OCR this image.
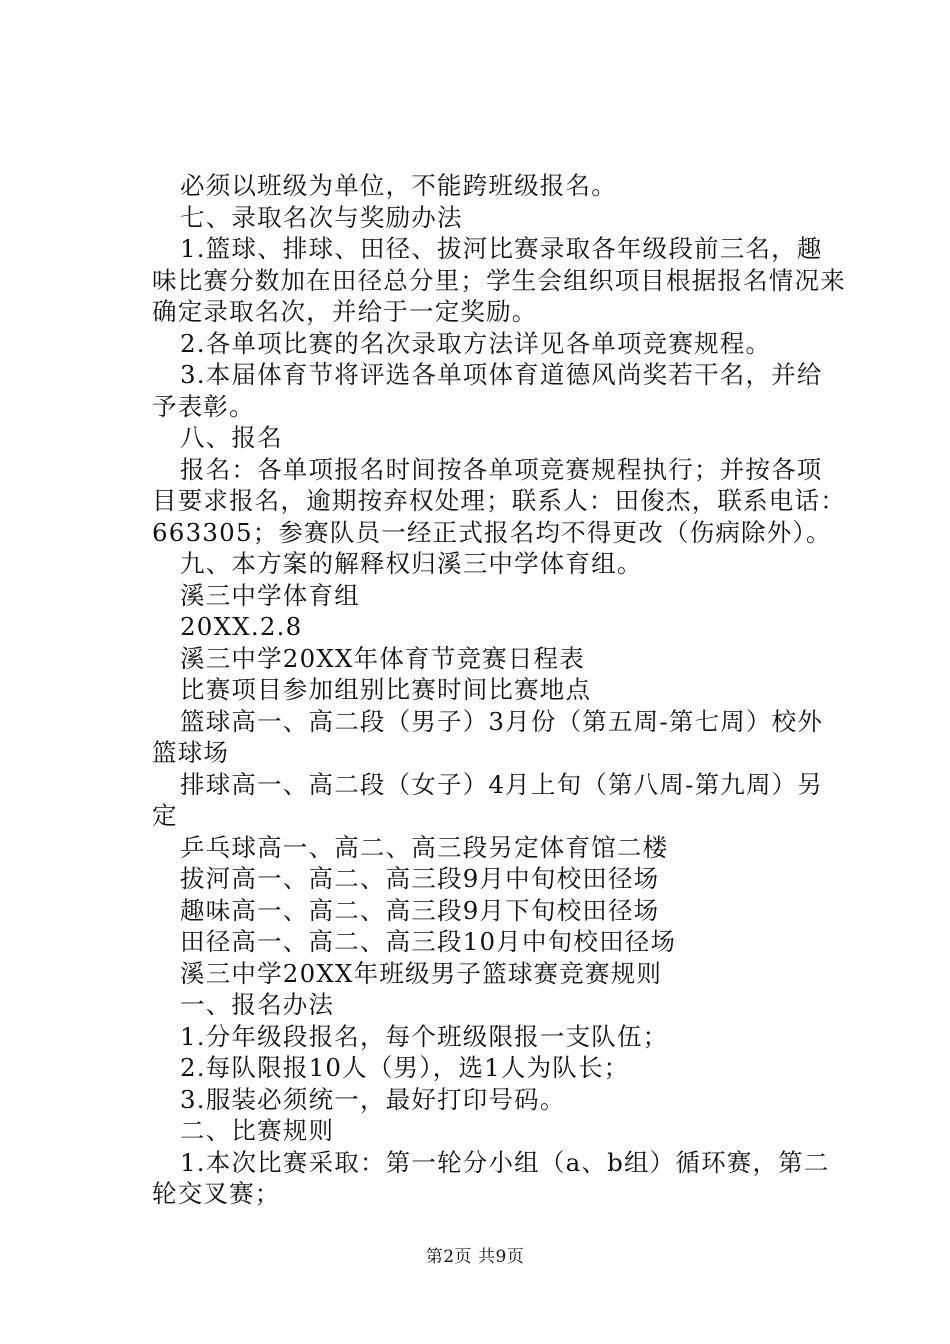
必须以班级为单位，不能跨班级报名。
七、录取名次与奖励办法
1.篮球、排球、田径、拔河比赛录取各年级段前三名，趣
味比赛分数加在田径总分里；学生会组织项目根据报名情况来
确定录取名次，并给于一定奖励。
2.各单项比赛的名次录取方法详见各单项竞赛规程。
3.本届体育节将评选各单项体育道德风尚奖若干名，并给
予表彰。
八、报名
报名：各单项报名时间按各单项竞赛规程执行；并按各项
目要求报名，逾期按弃权处理；联系人：田俊杰，联系电话：
663305；参赛队员一经正式报名均不得更改（伤病除外）。
九、本方案的解释权归溪三中学体育组。
溪三中学体育组
20XX.2.8
溪三中学20XX年体育节竞赛日程表
比赛项目参加组别比赛时间比赛地点
篮球高一、高二段（男子）3月份（第五周-第七周）校外
篮球场
排球高一、高二段（女子）4月上旬（第八周-第九周）另
定
乒乓球高一、高二、高三段另定体育馆二楼
拔河高一、高二、高三段9月中旬校田径场
趣味高一、高二、高三段9月下旬校田径场
田径高一、高二、高三段10月中旬校田径场
溪三中学20XX年班级男子篮球赛竞赛规则
一、报名办法
1.分年级段报名，每个班级限报一支队伍；
2.每队限报10人（男），选1人为队长；
3.服装必须统一，最好打印号码。
二、比赛规则
1.本次比赛采取：第一轮分小组（a、b组）循环赛，第二
轮交叉赛；
第2页 共9页
